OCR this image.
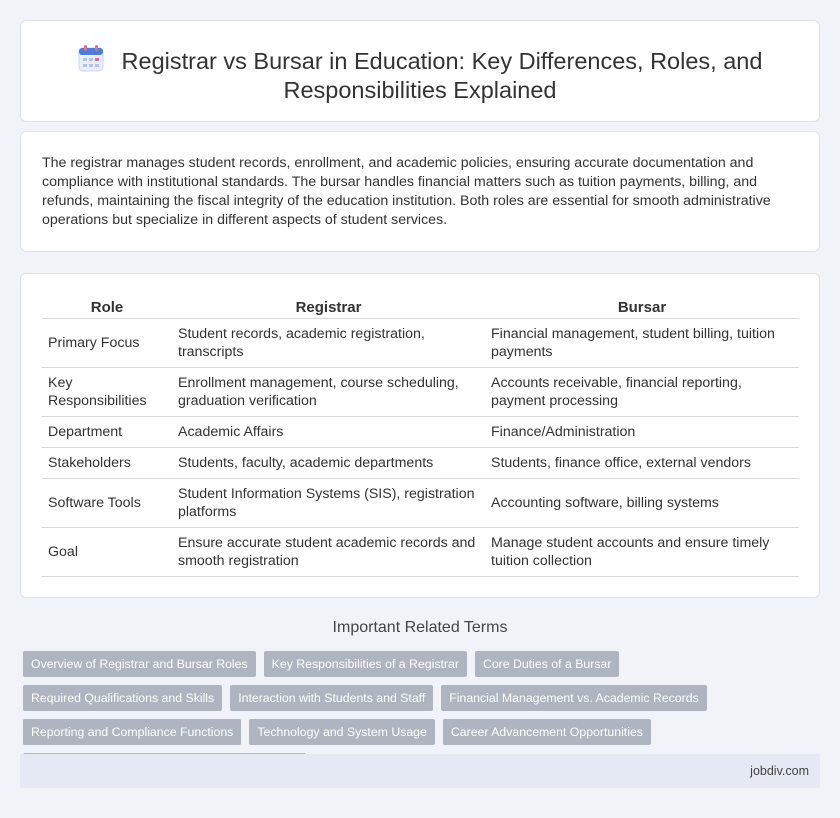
Registrar vs Bursar in Education: Key Differences, Roles, and Responsibilities Explained

The registrar manages student records, enrollment, and academic policies, ensuring accurate documentation and compliance with institutional standards. The bursar handles financial matters such as tuition payments, billing, and refunds, maintaining the fiscal integrity of the education institution. Both roles are essential for smooth administrative operations but specialize in different aspects of student services.

Role	Registrar	Bursar
Primary Focus	Student records, academic registration, transcripts	Financial management, student billing, tuition payments
Key Responsibilities	Enrollment management, course scheduling, graduation verification	Accounts receivable, financial reporting, payment processing
Department	Academic Affairs	Finance/Administration
Stakeholders	Students, faculty, academic departments	Students, finance office, external vendors
Software Tools	Student Information Systems (SIS), registration platforms	Accounting software, billing systems
Goal	Ensure accurate student academic records and smooth registration	Manage student accounts and ensure timely tuition collection
Important Related Terms
Overview of Registrar and Bursar Roles	Key Responsibilities of a Registrar	Core Duties of a Bursar
Required Qualifications and Skills	Interaction with Students and Staff	Financial Management vs. Academic Records
Reporting and Compliance Functions	Technology and System Usage	Career Advancement Opportunities
jobdiv.com
